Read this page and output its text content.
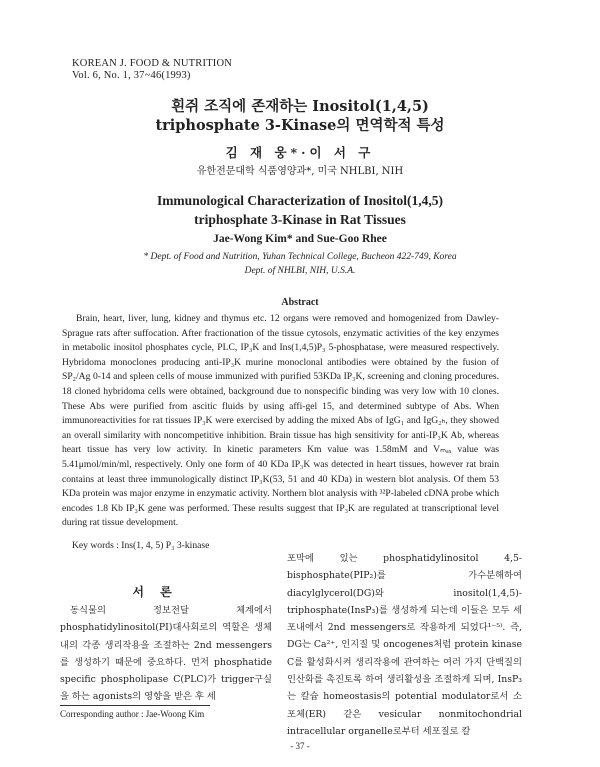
KOREAN J. FOOD & NUTRITION
Vol. 6, No. 1, 37~46(1993)
흰쥐 조직에 존재하는 Inositol(1,4,5)
triphosphate 3-Kinase의 면역학적 특성
김 재 웅*·이 서 구
유한전문대학 식품영양과*, 미국 NHLBI, NIH
Immunological Characterization of Inositol(1,4,5)
triphosphate 3-Kinase in Rat Tissues
Jae-Wong Kim* and Sue-Goo Rhee
* Dept. of Food and Nutrition, Yuhan Technical College, Bucheon 422-749, Korea
Dept. of NHLBI, NIH, U.S.A.
Abstract

Brain, heart, liver, lung, kidney and thymus etc. 12 organs were removed and homogenized from Dawley-Sprague rats after suffocation. After fractionation of the tissue cytosols, enzymatic activities of the key enzymes in metabolic inositol phosphates cycle, PLC, IP₃K and Ins(1,4,5)P₃ 5-phosphatase, were measured respectively. Hybridoma monoclones producing anti-IP₃K murine monoclonal antibodies were obtained by the fusion of SP₂/Ag 0-14 and spleen cells of mouse immunized with purified 53KDa IP₃K, screening and cloning procedures. 18 cloned hybridoma cells were obtained, background due to nonspecific binding was very low with 10 clones. These Abs were purified from ascitic fluids by using affi-gel 15, and determined subtype of Abs. When immunoreactivities for rat tissues IP₃K were exercised by adding the mixed Abs of IgG₁ and IgG₂ₕ, they showed an overall similarity with noncompetitive inhibition. Brain tissue has high sensitivity for anti-IP₃K Ab, whereas heart tissue has very low activity. In kinetic parameters Km value was 1.58mM and Vₘₐₓ value was 5.41μmol/min/ml, respectively. Only one form of 40 KDa IP₃K was detected in heart tissues, however rat brain contains at least three immunologically distinct IP₃K(53, 51 and 40 KDa) in western blot analysis. Of them 53 KDa protein was major enzyme in enzymatic activity. Northern blot analysis with ³²P-labeled cDNA probe which encodes 1.8 Kb IP₃K gene was performed. These results suggest that IP₃K are regulated at transcriptional level during rat tissue development.

Key words : Ins(1, 4, 5) P₃ 3-kinase
서 론

동식물의 정보전달 체계에서 phosphatidylinositol(PI)대사회로의 역할은 생체내의 각종 생리작용을 조절하는 2nd messengers를 생성하기 때문에 중요하다. 먼저 phosphatide specific phospholipase C(PLC)가 trigger구실을 하는 agonists의 영향을 받은 후 세

포막에 있는 phosphatidylinositol 4,5-bisphosphate(PIP₂)를 가수분해하여 diacylglycerol(DG)와 inositol(1,4,5)-triphosphate(InsP₃)를 생성하게 되는데 이들은 모두 세포내에서 2nd messengers로 작용하게 되었다¹⁻⁵⁾. 즉, DG는 Ca²⁺, 인지질 및 oncogenes처럼 protein kinase C를 활성화시켜 생리작용에 관여하는 여러 가지 단백질의 인산화를 촉진토록 하여 생리활성을 조절하게 되며, InsP₃는 칼슘 homeostasis의 potential modulator로서 소포체(ER) 같은 vesicular nonmitochondrial intracellular organelle로부터 세포질로 칼

Corresponding author : Jae-Woong Kim
- 37 -
